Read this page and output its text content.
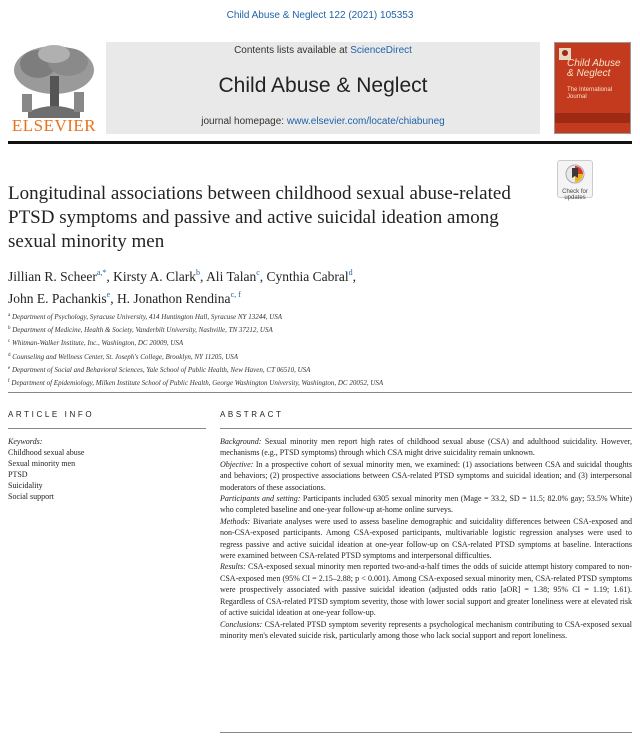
Child Abuse & Neglect 122 (2021) 105353
ELSEVIER
Contents lists available at ScienceDirect
Child Abuse & Neglect
journal homepage: www.elsevier.com/locate/chiabuneg
Child Abuse & Neglect
The International Journal
Check for
updates
Longitudinal associations between childhood sexual abuse-related PTSD symptoms and passive and active suicidal ideation among sexual minority men
Jillian R. Scheer$^{a,*}$, Kirsty A. Clark$^b$, Ali Talan$^c$, Cynthia Cabral$^d$,
John E. Pachankis$^e$, H. Jonathon Rendina$^{c, f}$
$^a$ Department of Psychology, Syracuse University, 414 Huntington Hall, Syracuse NY 13244, USA
$^b$ Department of Medicine, Health & Society, Vanderbilt University, Nashville, TN 37212, USA
$^c$ Whitman-Walker Institute, Inc., Washington, DC 20009, USA
$^d$ Counseling and Wellness Center, St. Joseph's College, Brooklyn, NY 11205, USA
$^e$ Department of Social and Behavioral Sciences, Yale School of Public Health, New Haven, CT 06510, USA
$^f$ Department of Epidemiology, Milken Institute School of Public Health, George Washington University, Washington, DC 20052, USA
ARTICLE INFO	ABSTRACT
Keywords:
Childhood sexual abuse
Sexual minority men
PTSD
Suicidality
Social support

Background: Sexual minority men report high rates of childhood sexual abuse (CSA) and adulthood suicidality. However, mechanisms (e.g., PTSD symptoms) through which CSA might drive suicidality remain unknown.

Objective: In a prospective cohort of sexual minority men, we examined: (1) associations between CSA and suicidal thoughts and behaviors; (2) prospective associations between CSA-related PTSD symptoms and suicidal ideation; and (3) interpersonal moderators of these associations.

Participants and setting: Participants included 6305 sexual minority men (Mage = 33.2, SD = 11.5; 82.0% gay; 53.5% White) who completed baseline and one-year follow-up at-home online surveys.

Methods: Bivariate analyses were used to assess baseline demographic and suicidality differences between CSA-exposed and non-CSA-exposed participants. Among CSA-exposed participants, multivariable logistic regression analyses were used to regress passive and active suicidal ideation at one-year follow-up on CSA-related PTSD symptoms at baseline. Interactions were examined between CSA-related PTSD symptoms and interpersonal difficulties.

Results: CSA-exposed sexual minority men reported two-and-a-half times the odds of suicide attempt history compared to non-CSA-exposed men (95% CI = 2.15–2.88; p < 0.001). Among CSA-exposed sexual minority men, CSA-related PTSD symptoms were prospectively associated with passive suicidal ideation (adjusted odds ratio [aOR] = 1.38; 95% CI = 1.19; 1.61). Regardless of CSA-related PTSD symptom severity, those with lower social support and greater loneliness were at elevated risk of active suicidal ideation at one-year follow-up.

Conclusions: CSA-related PTSD symptom severity represents a psychological mechanism contributing to CSA-exposed sexual minority men's elevated suicide risk, particularly among those who lack social support and report loneliness.
